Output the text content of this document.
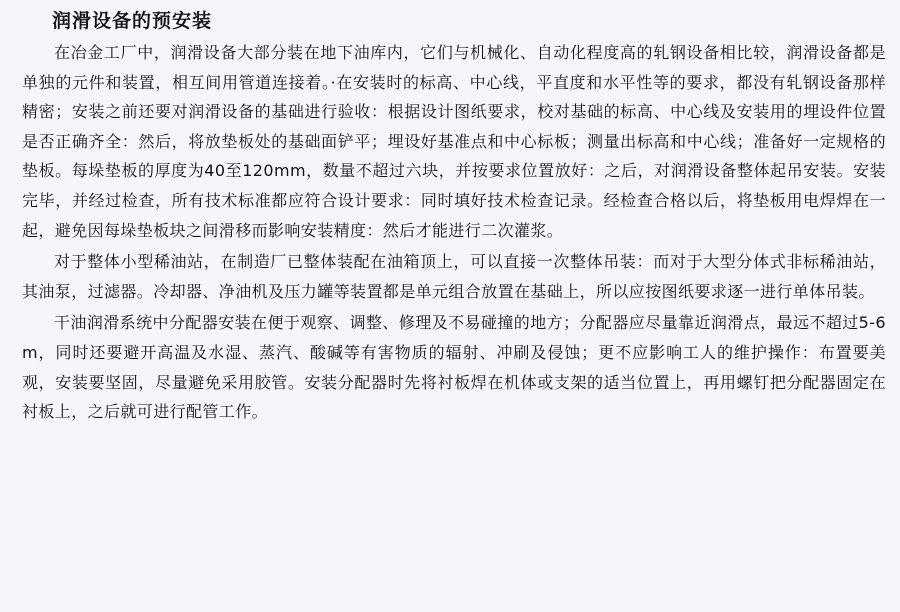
润滑设备的预安装

在冶金工厂中，润滑设备大部分装在地下油库内，它们与机械化、自动化程度高的轧钢设备相比较，润滑设备都是单独的元件和装置，相互间用管道连接着。·在安装时的标高、中心线，平直度和水平性等的要求，都没有轧钢设备那样精密；安装之前还要对润滑设备的基础进行验收：根据设计图纸要求，校对基础的标高、中心线及安装用的埋设件位置是否正确齐全：然后，将放垫板处的基础面铲平；埋设好基准点和中心标板；测量出标高和中心线；准备好一定规格的垫板。每垛垫板的厚度为40至120mm，数量不超过六块，并按要求位置放好：之后，对润滑设备整体起吊安装。安装完毕，并经过检查，所有技术标准都应符合设计要求：同时填好技术检查记录。经检查合格以后，将垫板用电焊焊在一起，避免因每垛垫板块之间滑移而影响安装精度：然后才能进行二次灌浆。

对于整体小型稀油站，在制造厂已整体装配在油箱顶上，可以直接一次整体吊装：而对于大型分体式非标稀油站，其油泵，过滤器。冷却器、净油机及压力罐等装置都是单元组合放置在基础上，所以应按图纸要求逐一进行单体吊装。

干油润滑系统中分配器安装在便于观察、调整、修理及不易碰撞的地方；分配器应尽量靠近润滑点，最远不超过5-6m，同时还要避开高温及水湿、蒸汽、酸碱等有害物质的辐射、冲刷及侵蚀；更不应影响工人的维护操作：布置要美观，安装要坚固，尽量避免采用胶管。安装分配器时先将衬板焊在机体或支架的适当位置上，再用螺钉把分配器固定在衬板上，之后就可进行配管工作。
